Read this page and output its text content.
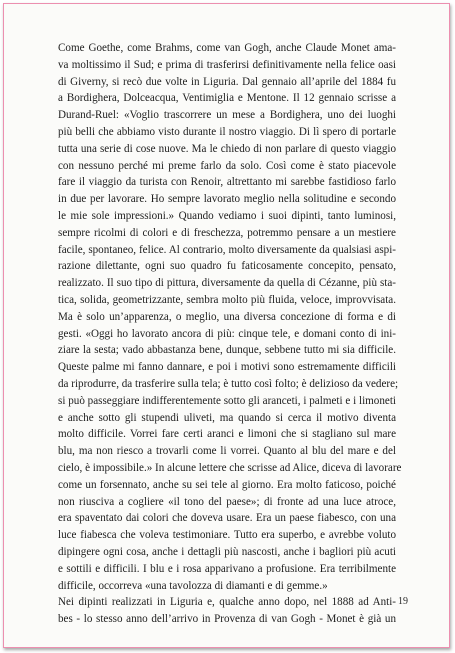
Come Goethe, come Brahms, come van Gogh, anche Claude Monet ama-
va moltissimo il Sud; e prima di trasferirsi definitivamente nella felice oasi
di Giverny, si recò due volte in Liguria. Dal gennaio all’aprile del 1884 fu
a Bordighera, Dolceacqua, Ventimiglia e Mentone. Il 12 gennaio scrisse a
Durand-Ruel: «Voglio trascorrere un mese a Bordighera, uno dei luoghi
più belli che abbiamo visto durante il nostro viaggio. Di lì spero di portarle
tutta una serie di cose nuove. Ma le chiedo di non parlare di questo viaggio
con nessuno perché mi preme farlo da solo. Così come è stato piacevole
fare il viaggio da turista con Renoir, altrettanto mi sarebbe fastidioso farlo
in due per lavorare. Ho sempre lavorato meglio nella solitudine e secondo
le mie sole impressioni.» Quando vediamo i suoi dipinti, tanto luminosi,
sempre ricolmi di colori e di freschezza, potremmo pensare a un mestiere
facile, spontaneo, felice. Al contrario, molto diversamente da qualsiasi aspi-
razione dilettante, ogni suo quadro fu faticosamente concepito, pensato,
realizzato. Il suo tipo di pittura, diversamente da quella di Cézanne, più sta-
tica, solida, geometrizzante, sembra molto più fluida, veloce, improvvisata.
Ma è solo un’apparenza, o meglio, una diversa concezione di forma e di
gesti. «Oggi ho lavorato ancora di più: cinque tele, e domani conto di ini-
ziare la sesta; vado abbastanza bene, dunque, sebbene tutto mi sia difficile.
Queste palme mi fanno dannare, e poi i motivi sono estremamente difficili
da riprodurre, da trasferire sulla tela; è tutto così folto; è delizioso da vedere;
si può passeggiare indifferentemente sotto gli aranceti, i palmeti e i limoneti
e anche sotto gli stupendi uliveti, ma quando si cerca il motivo diventa
molto difficile. Vorrei fare certi aranci e limoni che si stagliano sul mare
blu, ma non riesco a trovarli come li vorrei. Quanto al blu del mare e del
cielo, è impossibile.» In alcune lettere che scrisse ad Alice, diceva di lavorare
come un forsennato, anche su sei tele al giorno. Era molto faticoso, poiché
non riusciva a cogliere «il tono del paese»; di fronte ad una luce atroce,
era spaventato dai colori che doveva usare. Era un paese fiabesco, con una
luce fiabesca che voleva testimoniare. Tutto era superbo, e avrebbe voluto
dipingere ogni cosa, anche i dettagli più nascosti, anche i bagliori più acuti
e sottili e difficili. I blu e i rosa apparivano a profusione. Era terribilmente
difficile, occorreva «una tavolozza di diamanti e di gemme.»
Nei dipinti realizzati in Liguria e, qualche anno dopo, nel 1888 ad Anti-
bes - lo stesso anno dell’arrivo in Provenza di van Gogh - Monet è già un
19
